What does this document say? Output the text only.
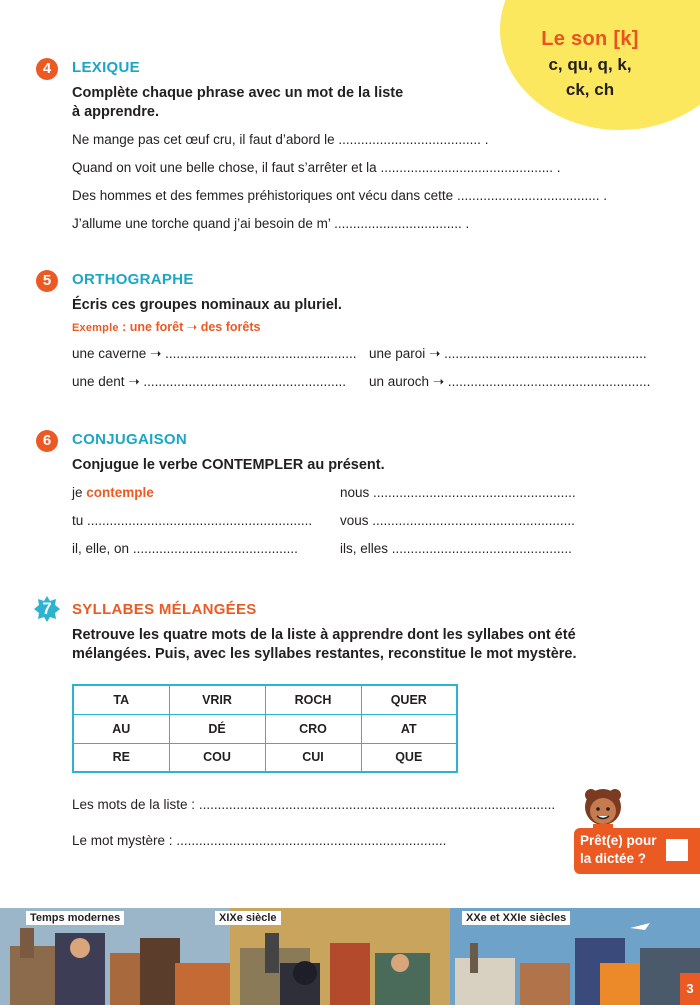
Le son [k]
c, qu, q, k,
ck, ch
4	LEXIQUE
Complète chaque phrase avec un mot de la liste
à apprendre.
Ne mange pas cet œuf cru, il faut d’abord le ...................................... .
Quand on voit une belle chose, il faut s’arrêter et la .............................................. .
Des hommes et des femmes préhistoriques ont vécu dans cette ...................................... .
J’allume une torche quand j’ai besoin de m’ .................................. .
5	ORTHOGRAPHE
Écris ces groupes nominaux au pluriel.
Exemple : une forêt ➝ des forêts
une caverne ➝ ................................................... une paroi ➝ ......................................................
une dent ➝ ...................................................... un auroch ➝ ......................................................
6	CONJUGAISON
Conjugue le verbe CONTEMPLER au présent.
je contemple	nous ......................................................
tu ............................................................ vous ......................................................
il, elle, on ............................................	ils, elles ................................................
7	SYLLABES MÉLANGÉES
Retrouve les quatre mots de la liste à apprendre dont les syllabes ont été
mélangées. Puis, avec les syllabes restantes, reconstitue le mot mystère.
TA	VRIR	ROCH	QUER
AU	DÉ	CRO	AT
RE	COU	CUI	QUE
Les mots de la liste : ...............................................................................................
Le mot mystère : ........................................................................	Prêt(e) pour
la dictée ?
Temps modernes	XIXe siècle	XXe et XXIe siècles
3
